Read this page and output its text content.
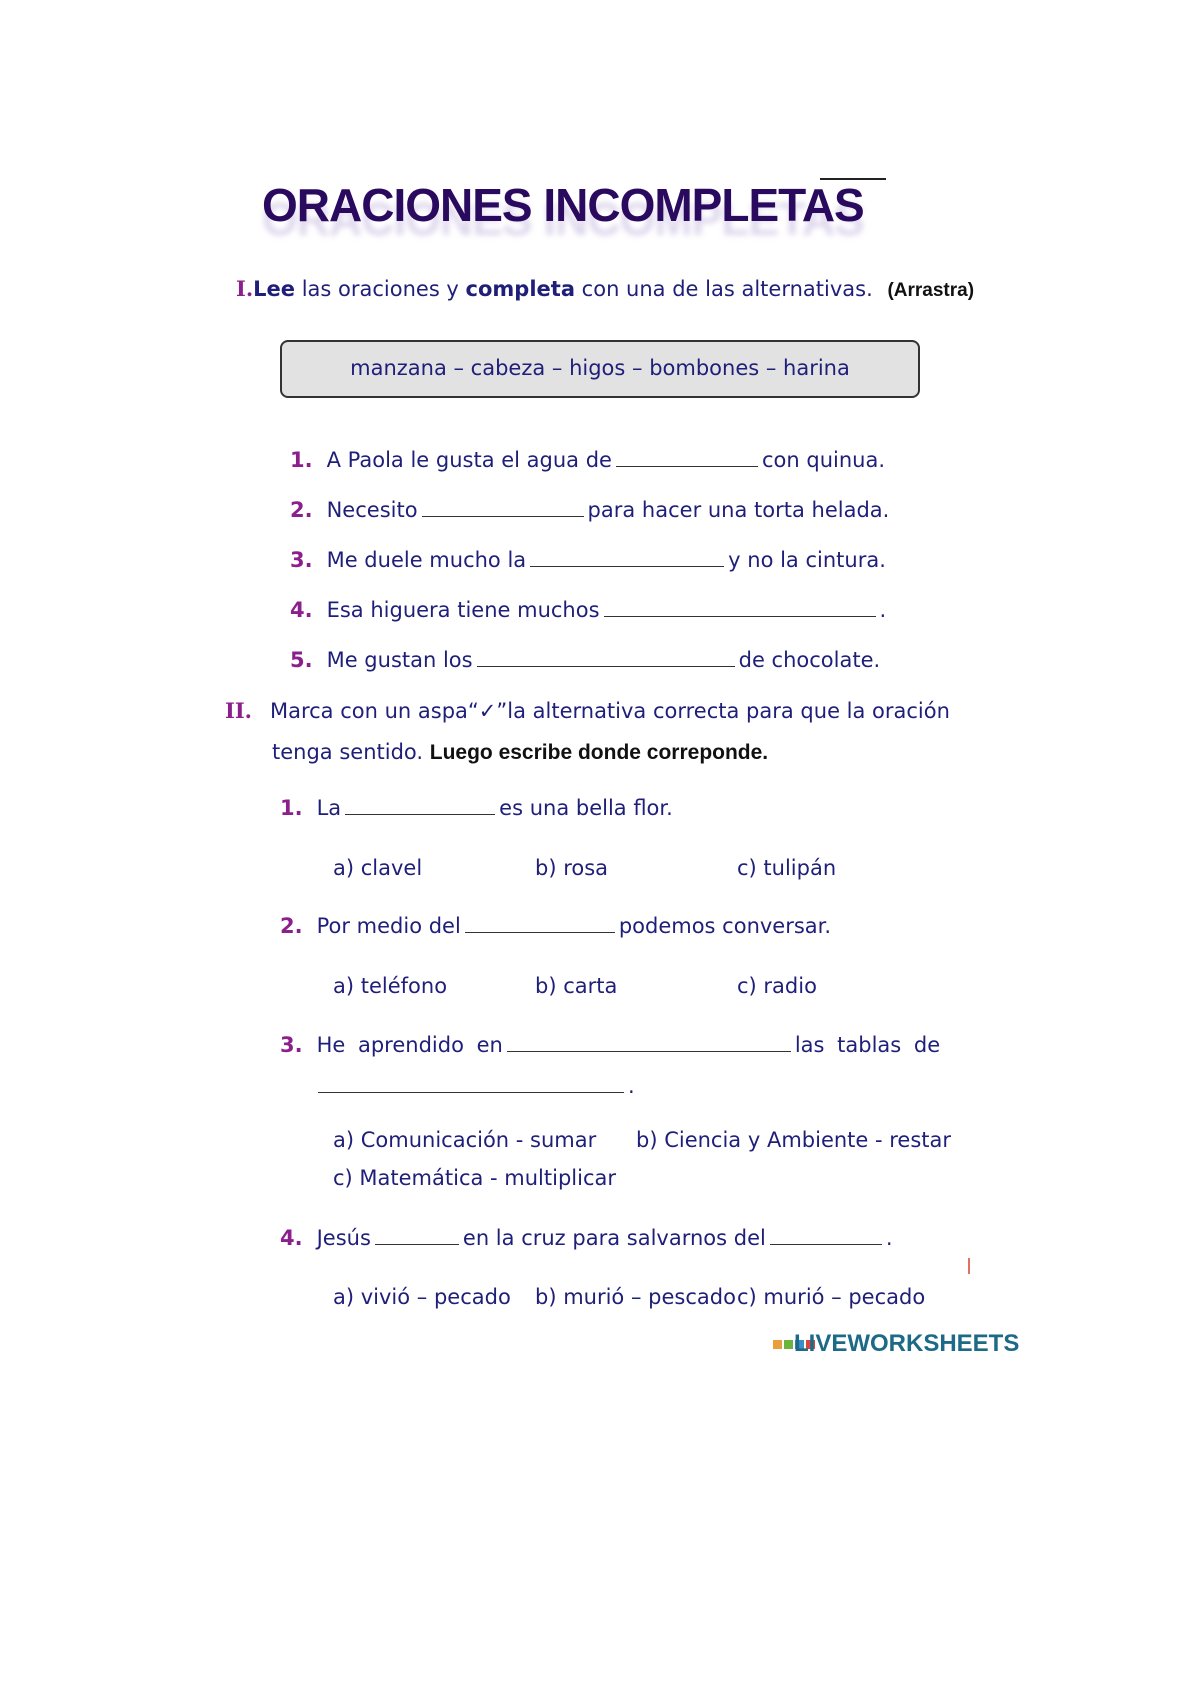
ORACIONES INCOMPLETAS
I.Lee las oraciones y completa con una de las alternativas. (Arrastra)
manzana – cabeza – higos – bombones – harina
1. A Paola le gusta el agua de	con quinua.
2. Necesito	para hacer una torta helada.
3. Me duele mucho la	y no la cintura.
4. Esa higuera tiene muchos	.
5. Me gustan los	de chocolate.
II. Marca con un aspa“✓”la alternativa correcta para que la oración
tenga sentido. Luego escribe donde correponde.
1. La	es una bella flor.
a) clavel	b) rosa	c) tulipán
2. Por medio del	podemos conversar.
a) teléfono	b) carta	c) radio
3. He aprendido en	las tablas de
.
a) Comunicación - sumar b) Ciencia y Ambiente - restar
c) Matemática - multiplicar
4. Jesús	en la cruz para salvarnos del	.
a) vivió – pecado b) murió – pescado c) murió – pecado
LIVEWORKSHEETS
